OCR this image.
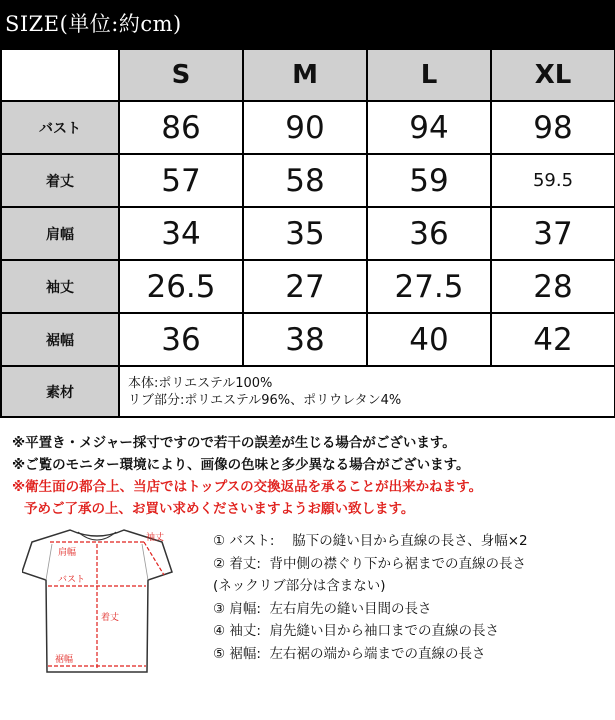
SIZE(単位:約cm)
	S	M	L	XL
バスト	86	90	94	98
着丈	57	58	59	59.5
肩幅	34	35	36	37
袖丈	26.5	27	27.5	28
裾幅	36	38	40	42
素材	本体:ポリエステル100%
リブ部分:ポリエステル96%、ポリウレタン4%			
※平置き・メジャー採寸ですので若干の誤差が生じる場合がございます。
※ご覧のモニター環境により、画像の色味と多少異なる場合がございます。
※衛生面の都合上、当店ではトップスの交換返品を承ることが出来かねます。
予めご了承の上、お買い求めくださいますようお願い致します。
肩幅
袖丈
バスト
着丈
裾幅
① バスト:　 脇下の縫い目から直線の長さ、身幅×2
② 着丈:  背中側の襟ぐり下から裾までの直線の長さ
(ネックリブ部分は含まない)
③ 肩幅:  左右肩先の縫い目間の長さ
④ 袖丈:  肩先縫い目から袖口までの直線の長さ
⑤ 裾幅:  左右裾の端から端までの直線の長さ
